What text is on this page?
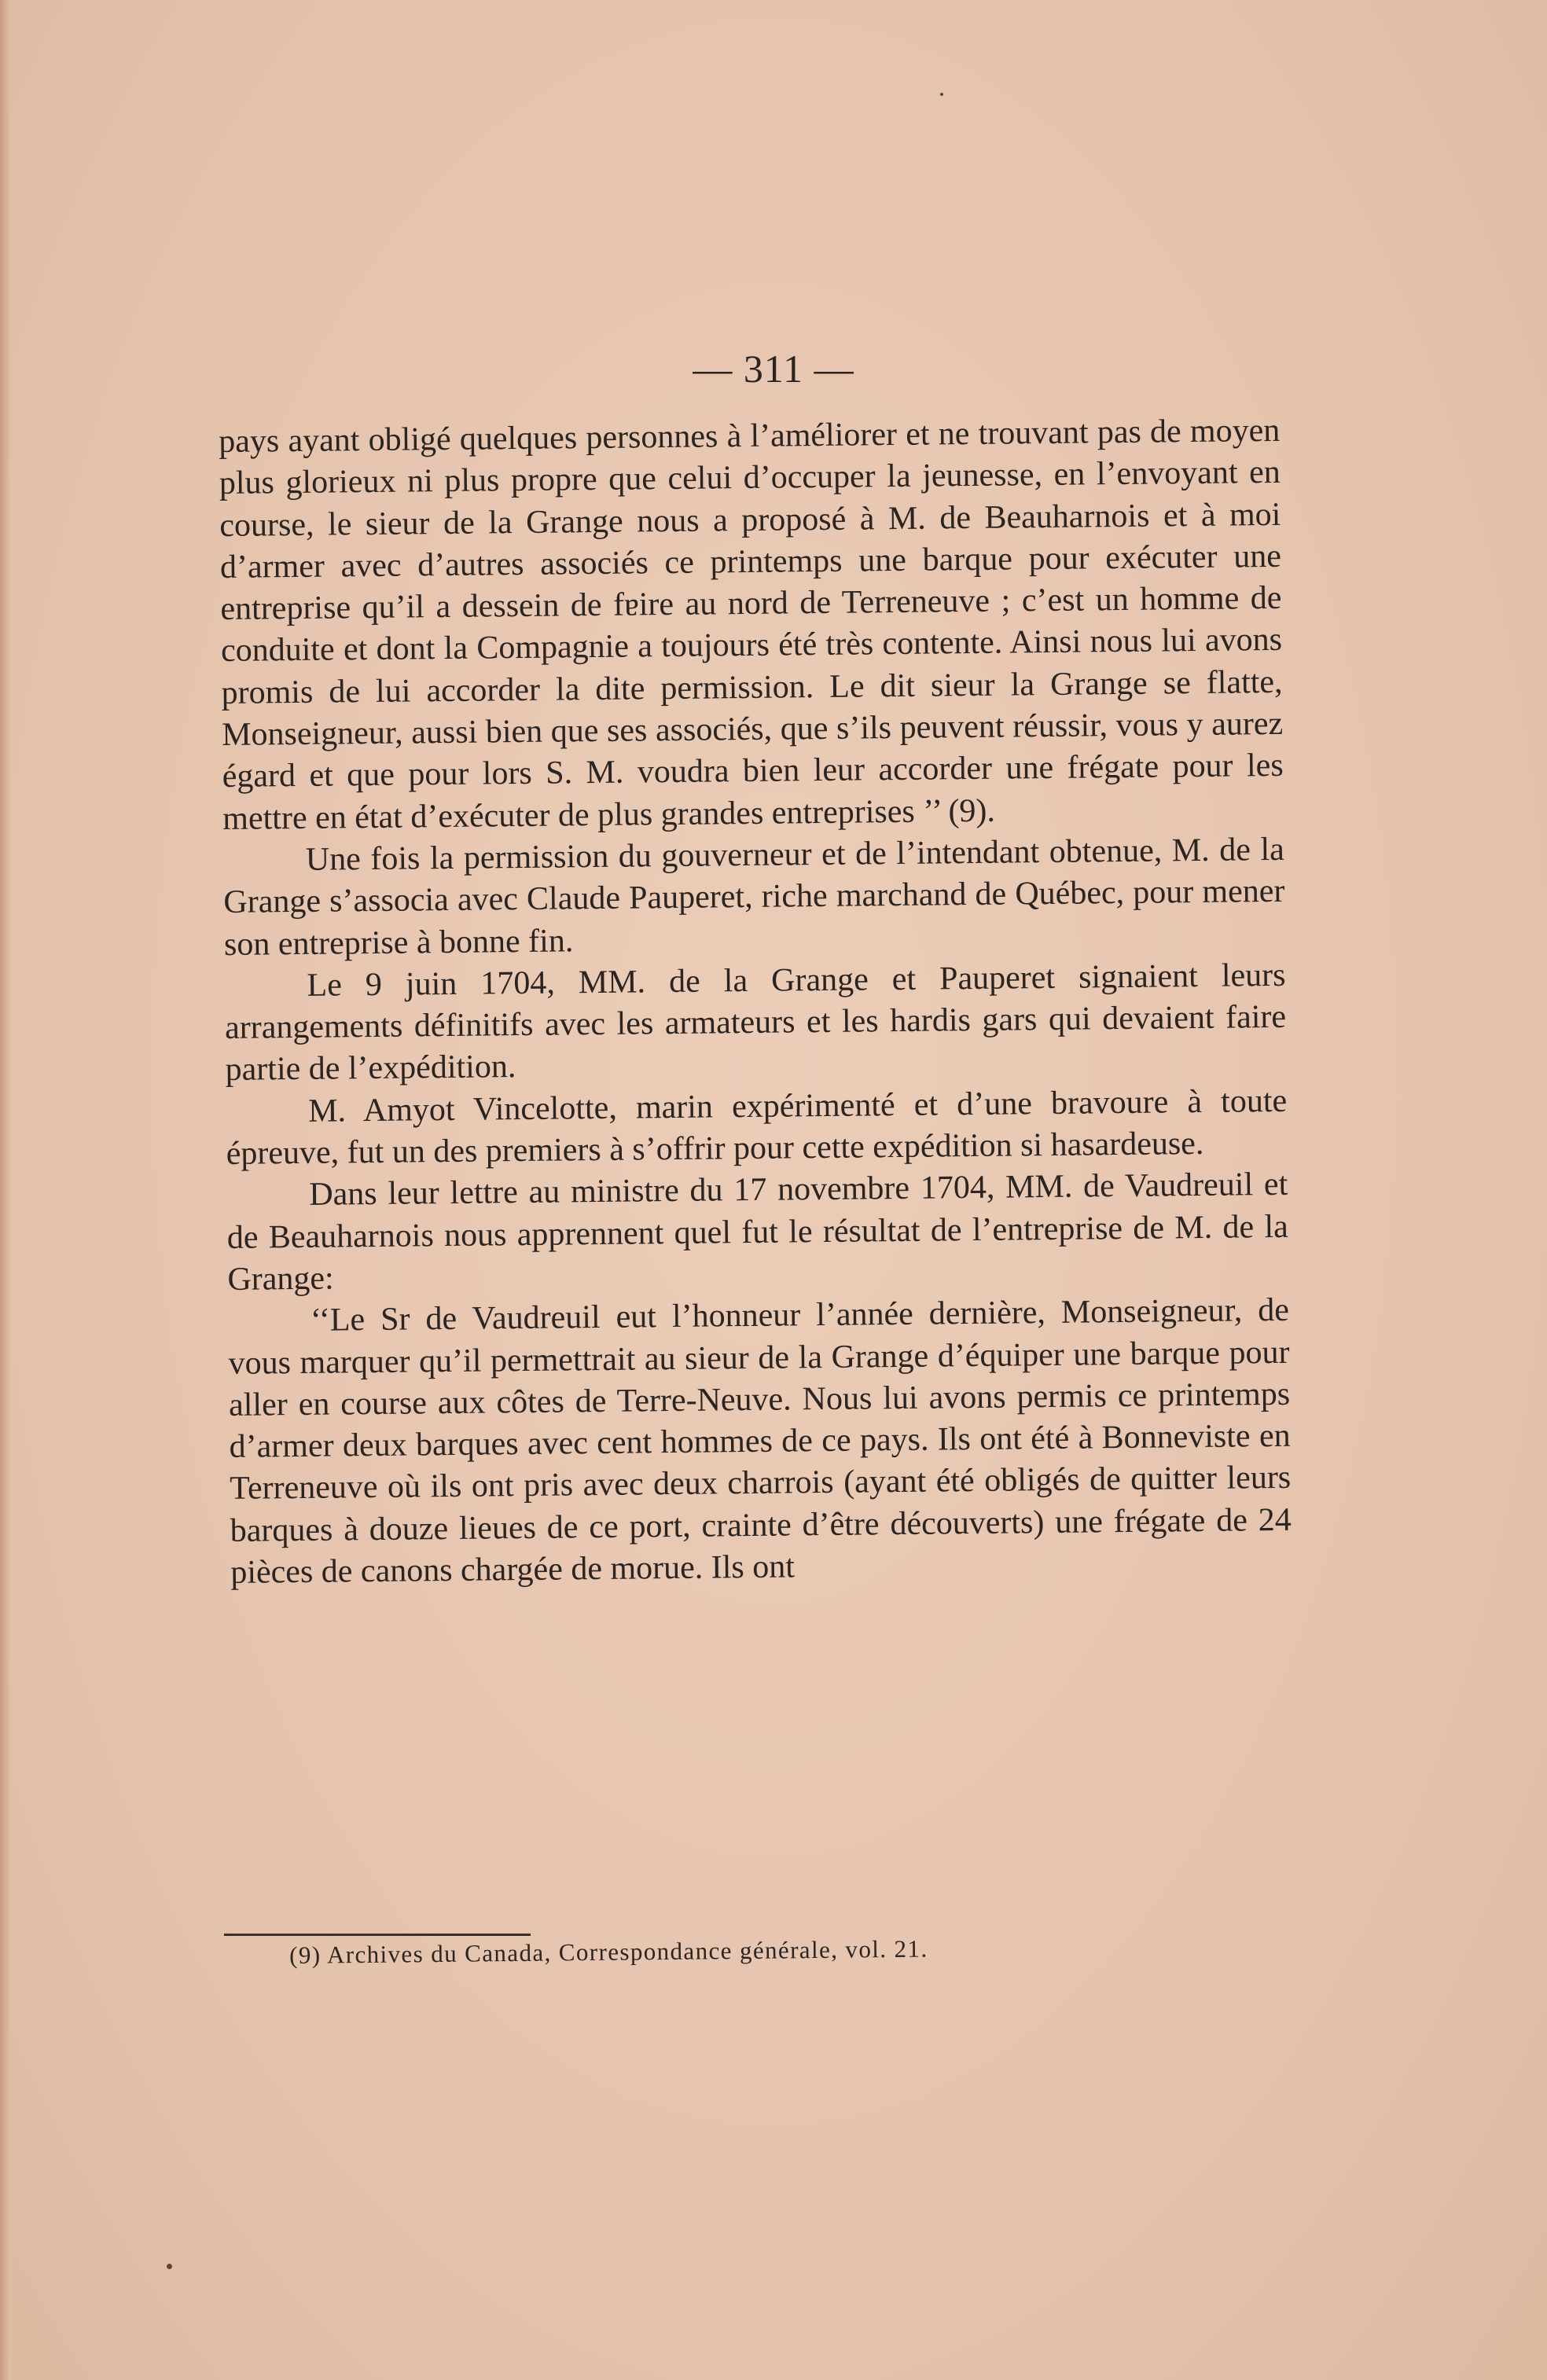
— 311 —

pays ayant obligé quelques personnes à l’améliorer et ne trouvant pas de moyen plus glorieux ni plus propre que celui d’occuper la jeunesse, en l’envoyant en course, le sieur de la Grange nous a proposé à M. de Beauharnois et à moi d’armer avec d’autres associés ce printemps une barque pour exécuter une entreprise qu’il a dessein de fɐire au nord de Terreneuve ; c’est un homme de conduite et dont la Compagnie a toujours été très contente. Ainsi nous lui avons promis de lui accorder la dite permission. Le dit sieur la Grange se flatte, Monseigneur, aussi bien que ses associés, que s’ils peuvent réussir, vous y aurez égard et que pour lors S. M. voudra bien leur accorder une frégate pour les mettre en état d’exécuter de plus grandes entreprises ’’ (9).

Une fois la permission du gouverneur et de l’intendant obtenue, M. de la Grange s’associa avec Claude Pauperet, riche marchand de Québec, pour mener son entreprise à bonne fin.

Le 9 juin 1704, MM. de la Grange et Pauperet signaient leurs arrangements définitifs avec les armateurs et les hardis gars qui devaient faire partie de l’expédition.

M. Amyot Vincelotte, marin expérimenté et d’une bravoure à toute épreuve, fut un des premiers à s’offrir pour cette expédition si hasardeuse.

Dans leur lettre au ministre du 17 novembre 1704, MM. de Vaudreuil et de Beauharnois nous apprennent quel fut le résultat de l’entreprise de M. de la Grange:

‘‘Le Sr de Vaudreuil eut l’honneur l’année dernière, Monseigneur, de vous marquer qu’il permettrait au sieur de la Grange d’équiper une barque pour aller en course aux côtes de Terre-Neuve. Nous lui avons permis ce printemps d’armer deux barques avec cent hommes de ce pays. Ils ont été à Bonneviste en Terreneuve où ils ont pris avec deux charrois (ayant été obligés de quitter leurs barques à douze lieues de ce port, crainte d’être découverts) une frégate de 24 pièces de canons chargée de morue. Ils ont

(9) Archives du Canada, Correspondance générale, vol. 21.
